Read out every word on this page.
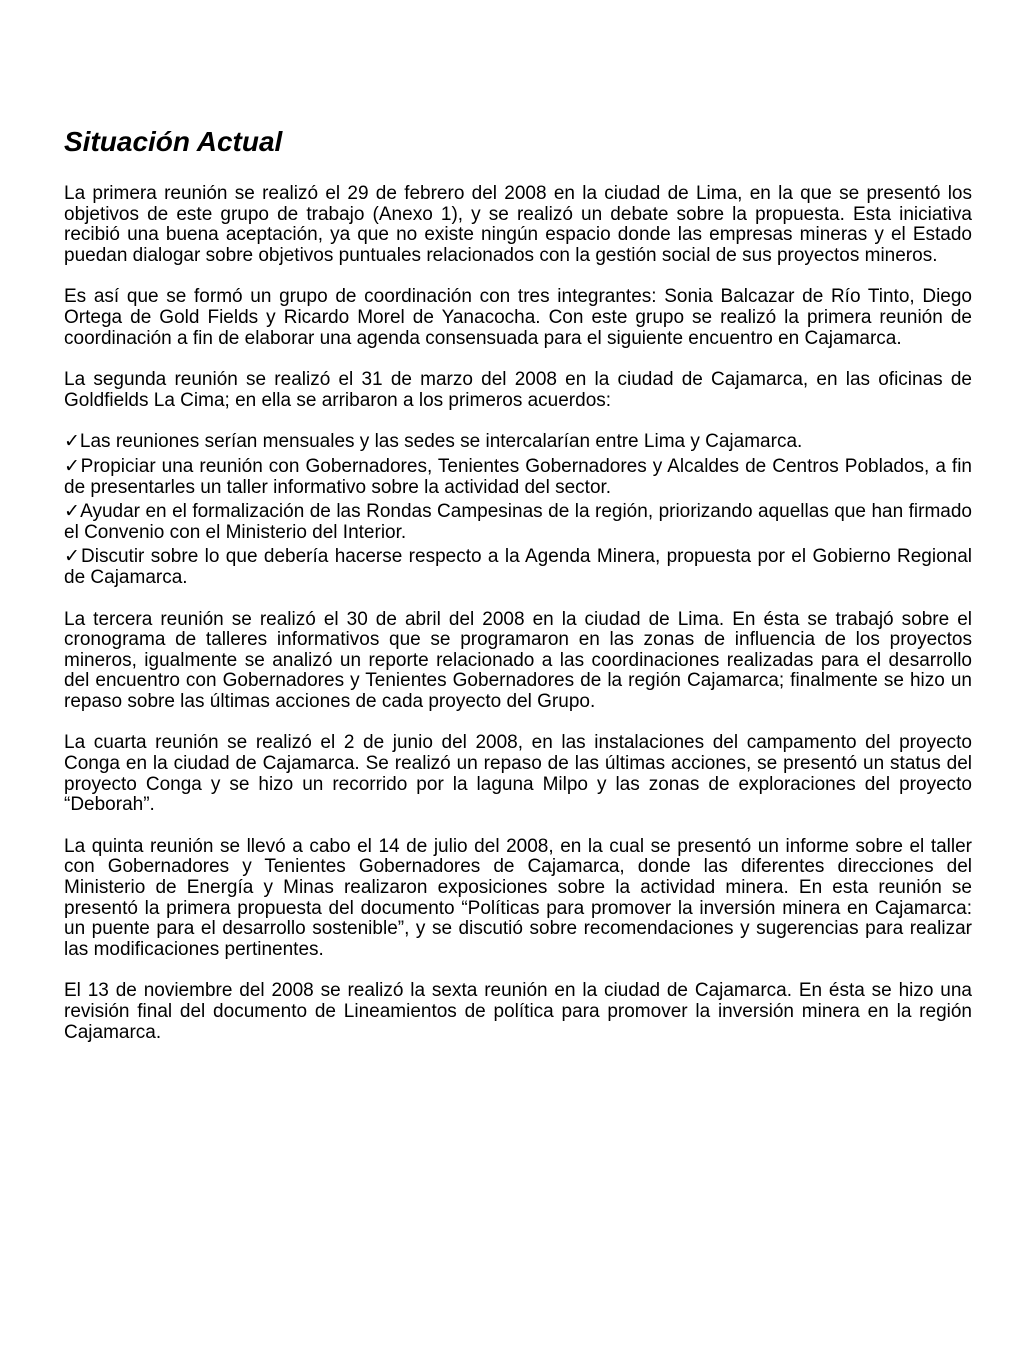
Situación Actual

La primera reunión se realizó el 29 de febrero del 2008 en la ciudad de Lima, en la que se presentó los objetivos de este grupo de trabajo (Anexo 1), y se realizó un debate sobre la propuesta. Esta iniciativa recibió una buena aceptación, ya que no existe ningún espacio donde las empresas mineras y el Estado puedan dialogar sobre objetivos puntuales relacionados con la gestión social de sus proyectos mineros.

Es así que se formó un grupo de coordinación con tres integrantes: Sonia Balcazar de Río Tinto, Diego Ortega de Gold Fields y Ricardo Morel de Yanacocha. Con este grupo se realizó la primera reunión de coordinación a fin de elaborar una agenda consensuada para el siguiente encuentro en Cajamarca.

La segunda reunión se realizó el 31 de marzo del 2008 en la ciudad de Cajamarca, en las oficinas de Goldfields La Cima; en ella se arribaron a los primeros acuerdos:

✓Las reuniones serían mensuales y las sedes se intercalarían entre Lima y Cajamarca.
✓Propiciar una reunión con Gobernadores, Tenientes Gobernadores y Alcaldes de Centros Poblados, a fin de presentarles un taller informativo sobre la actividad del sector.
✓Ayudar en el formalización de las Rondas Campesinas de la región, priorizando aquellas que han firmado el Convenio con el Ministerio del Interior.
✓Discutir sobre lo que debería hacerse respecto a la Agenda Minera, propuesta por el Gobierno Regional de Cajamarca.

La tercera reunión se realizó el 30 de abril del 2008 en la ciudad de Lima. En ésta se trabajó sobre el cronograma de talleres informativos que se programaron en las zonas de influencia de los proyectos mineros, igualmente se analizó un reporte relacionado a las coordinaciones realizadas para el desarrollo del encuentro con Gobernadores y Tenientes Gobernadores de la región Cajamarca; finalmente se hizo un repaso sobre las últimas acciones de cada proyecto del Grupo.

La cuarta reunión se realizó el 2 de junio del 2008, en las instalaciones del campamento del proyecto Conga en la ciudad de Cajamarca. Se realizó un repaso de las últimas acciones, se presentó un status del proyecto Conga y se hizo un recorrido por la laguna Milpo y las zonas de exploraciones del proyecto “Deborah”.

La quinta reunión se llevó a cabo el 14 de julio del 2008, en la cual se presentó un informe sobre el taller con Gobernadores y Tenientes Gobernadores de Cajamarca, donde las diferentes direcciones del Ministerio de Energía y Minas realizaron exposiciones sobre la actividad minera. En esta reunión se presentó la primera propuesta del documento “Políticas para promover la inversión minera en Cajamarca: un puente para el desarrollo sostenible”, y se discutió sobre recomendaciones y sugerencias para realizar las modificaciones pertinentes.

El 13 de noviembre del 2008 se realizó la sexta reunión en la ciudad de Cajamarca. En ésta se hizo una revisión final del documento de Lineamientos de política para promover la inversión minera en la región Cajamarca.
